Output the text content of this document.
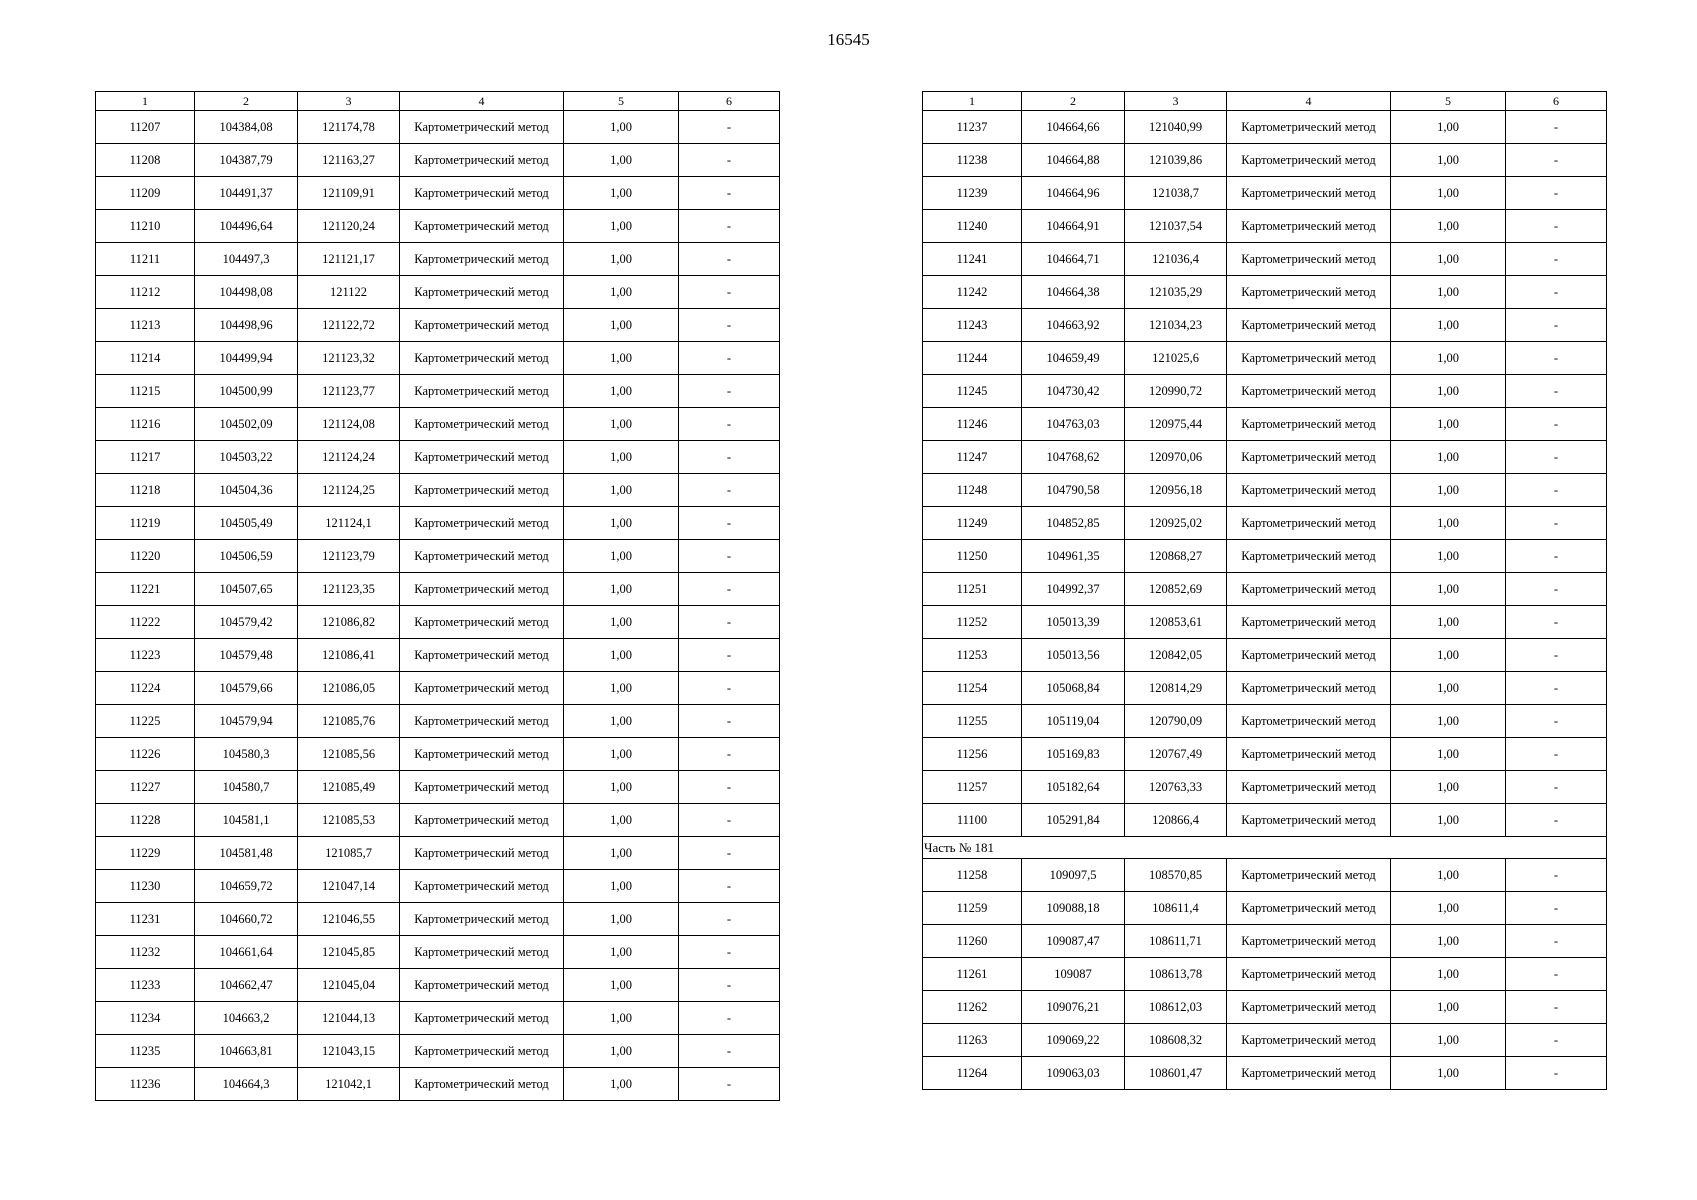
16545
1	2	3	4	5	6
11207	104384,08	121174,78	Картометрический метод	1,00	-
11208	104387,79	121163,27	Картометрический метод	1,00	-
11209	104491,37	121109,91	Картометрический метод	1,00	-
11210	104496,64	121120,24	Картометрический метод	1,00	-
11211	104497,3	121121,17	Картометрический метод	1,00	-
11212	104498,08	121122	Картометрический метод	1,00	-
11213	104498,96	121122,72	Картометрический метод	1,00	-
11214	104499,94	121123,32	Картометрический метод	1,00	-
11215	104500,99	121123,77	Картометрический метод	1,00	-
11216	104502,09	121124,08	Картометрический метод	1,00	-
11217	104503,22	121124,24	Картометрический метод	1,00	-
11218	104504,36	121124,25	Картометрический метод	1,00	-
11219	104505,49	121124,1	Картометрический метод	1,00	-
11220	104506,59	121123,79	Картометрический метод	1,00	-
11221	104507,65	121123,35	Картометрический метод	1,00	-
11222	104579,42	121086,82	Картометрический метод	1,00	-
11223	104579,48	121086,41	Картометрический метод	1,00	-
11224	104579,66	121086,05	Картометрический метод	1,00	-
11225	104579,94	121085,76	Картометрический метод	1,00	-
11226	104580,3	121085,56	Картометрический метод	1,00	-
11227	104580,7	121085,49	Картометрический метод	1,00	-
11228	104581,1	121085,53	Картометрический метод	1,00	-
11229	104581,48	121085,7	Картометрический метод	1,00	-
11230	104659,72	121047,14	Картометрический метод	1,00	-
11231	104660,72	121046,55	Картометрический метод	1,00	-
11232	104661,64	121045,85	Картометрический метод	1,00	-
11233	104662,47	121045,04	Картометрический метод	1,00	-
11234	104663,2	121044,13	Картометрический метод	1,00	-
11235	104663,81	121043,15	Картометрический метод	1,00	-
11236	104664,3	121042,1	Картометрический метод	1,00	-
1	2	3	4	5	6
11237	104664,66	121040,99	Картометрический метод	1,00	-
11238	104664,88	121039,86	Картометрический метод	1,00	-
11239	104664,96	121038,7	Картометрический метод	1,00	-
11240	104664,91	121037,54	Картометрический метод	1,00	-
11241	104664,71	121036,4	Картометрический метод	1,00	-
11242	104664,38	121035,29	Картометрический метод	1,00	-
11243	104663,92	121034,23	Картометрический метод	1,00	-
11244	104659,49	121025,6	Картометрический метод	1,00	-
11245	104730,42	120990,72	Картометрический метод	1,00	-
11246	104763,03	120975,44	Картометрический метод	1,00	-
11247	104768,62	120970,06	Картометрический метод	1,00	-
11248	104790,58	120956,18	Картометрический метод	1,00	-
11249	104852,85	120925,02	Картометрический метод	1,00	-
11250	104961,35	120868,27	Картометрический метод	1,00	-
11251	104992,37	120852,69	Картометрический метод	1,00	-
11252	105013,39	120853,61	Картометрический метод	1,00	-
11253	105013,56	120842,05	Картометрический метод	1,00	-
11254	105068,84	120814,29	Картометрический метод	1,00	-
11255	105119,04	120790,09	Картометрический метод	1,00	-
11256	105169,83	120767,49	Картометрический метод	1,00	-
11257	105182,64	120763,33	Картометрический метод	1,00	-
11100	105291,84	120866,4	Картометрический метод	1,00	-
Часть № 181					
11258	109097,5	108570,85	Картометрический метод	1,00	-
11259	109088,18	108611,4	Картометрический метод	1,00	-
11260	109087,47	108611,71	Картометрический метод	1,00	-
11261	109087	108613,78	Картометрический метод	1,00	-
11262	109076,21	108612,03	Картометрический метод	1,00	-
11263	109069,22	108608,32	Картометрический метод	1,00	-
11264	109063,03	108601,47	Картометрический метод	1,00	-
